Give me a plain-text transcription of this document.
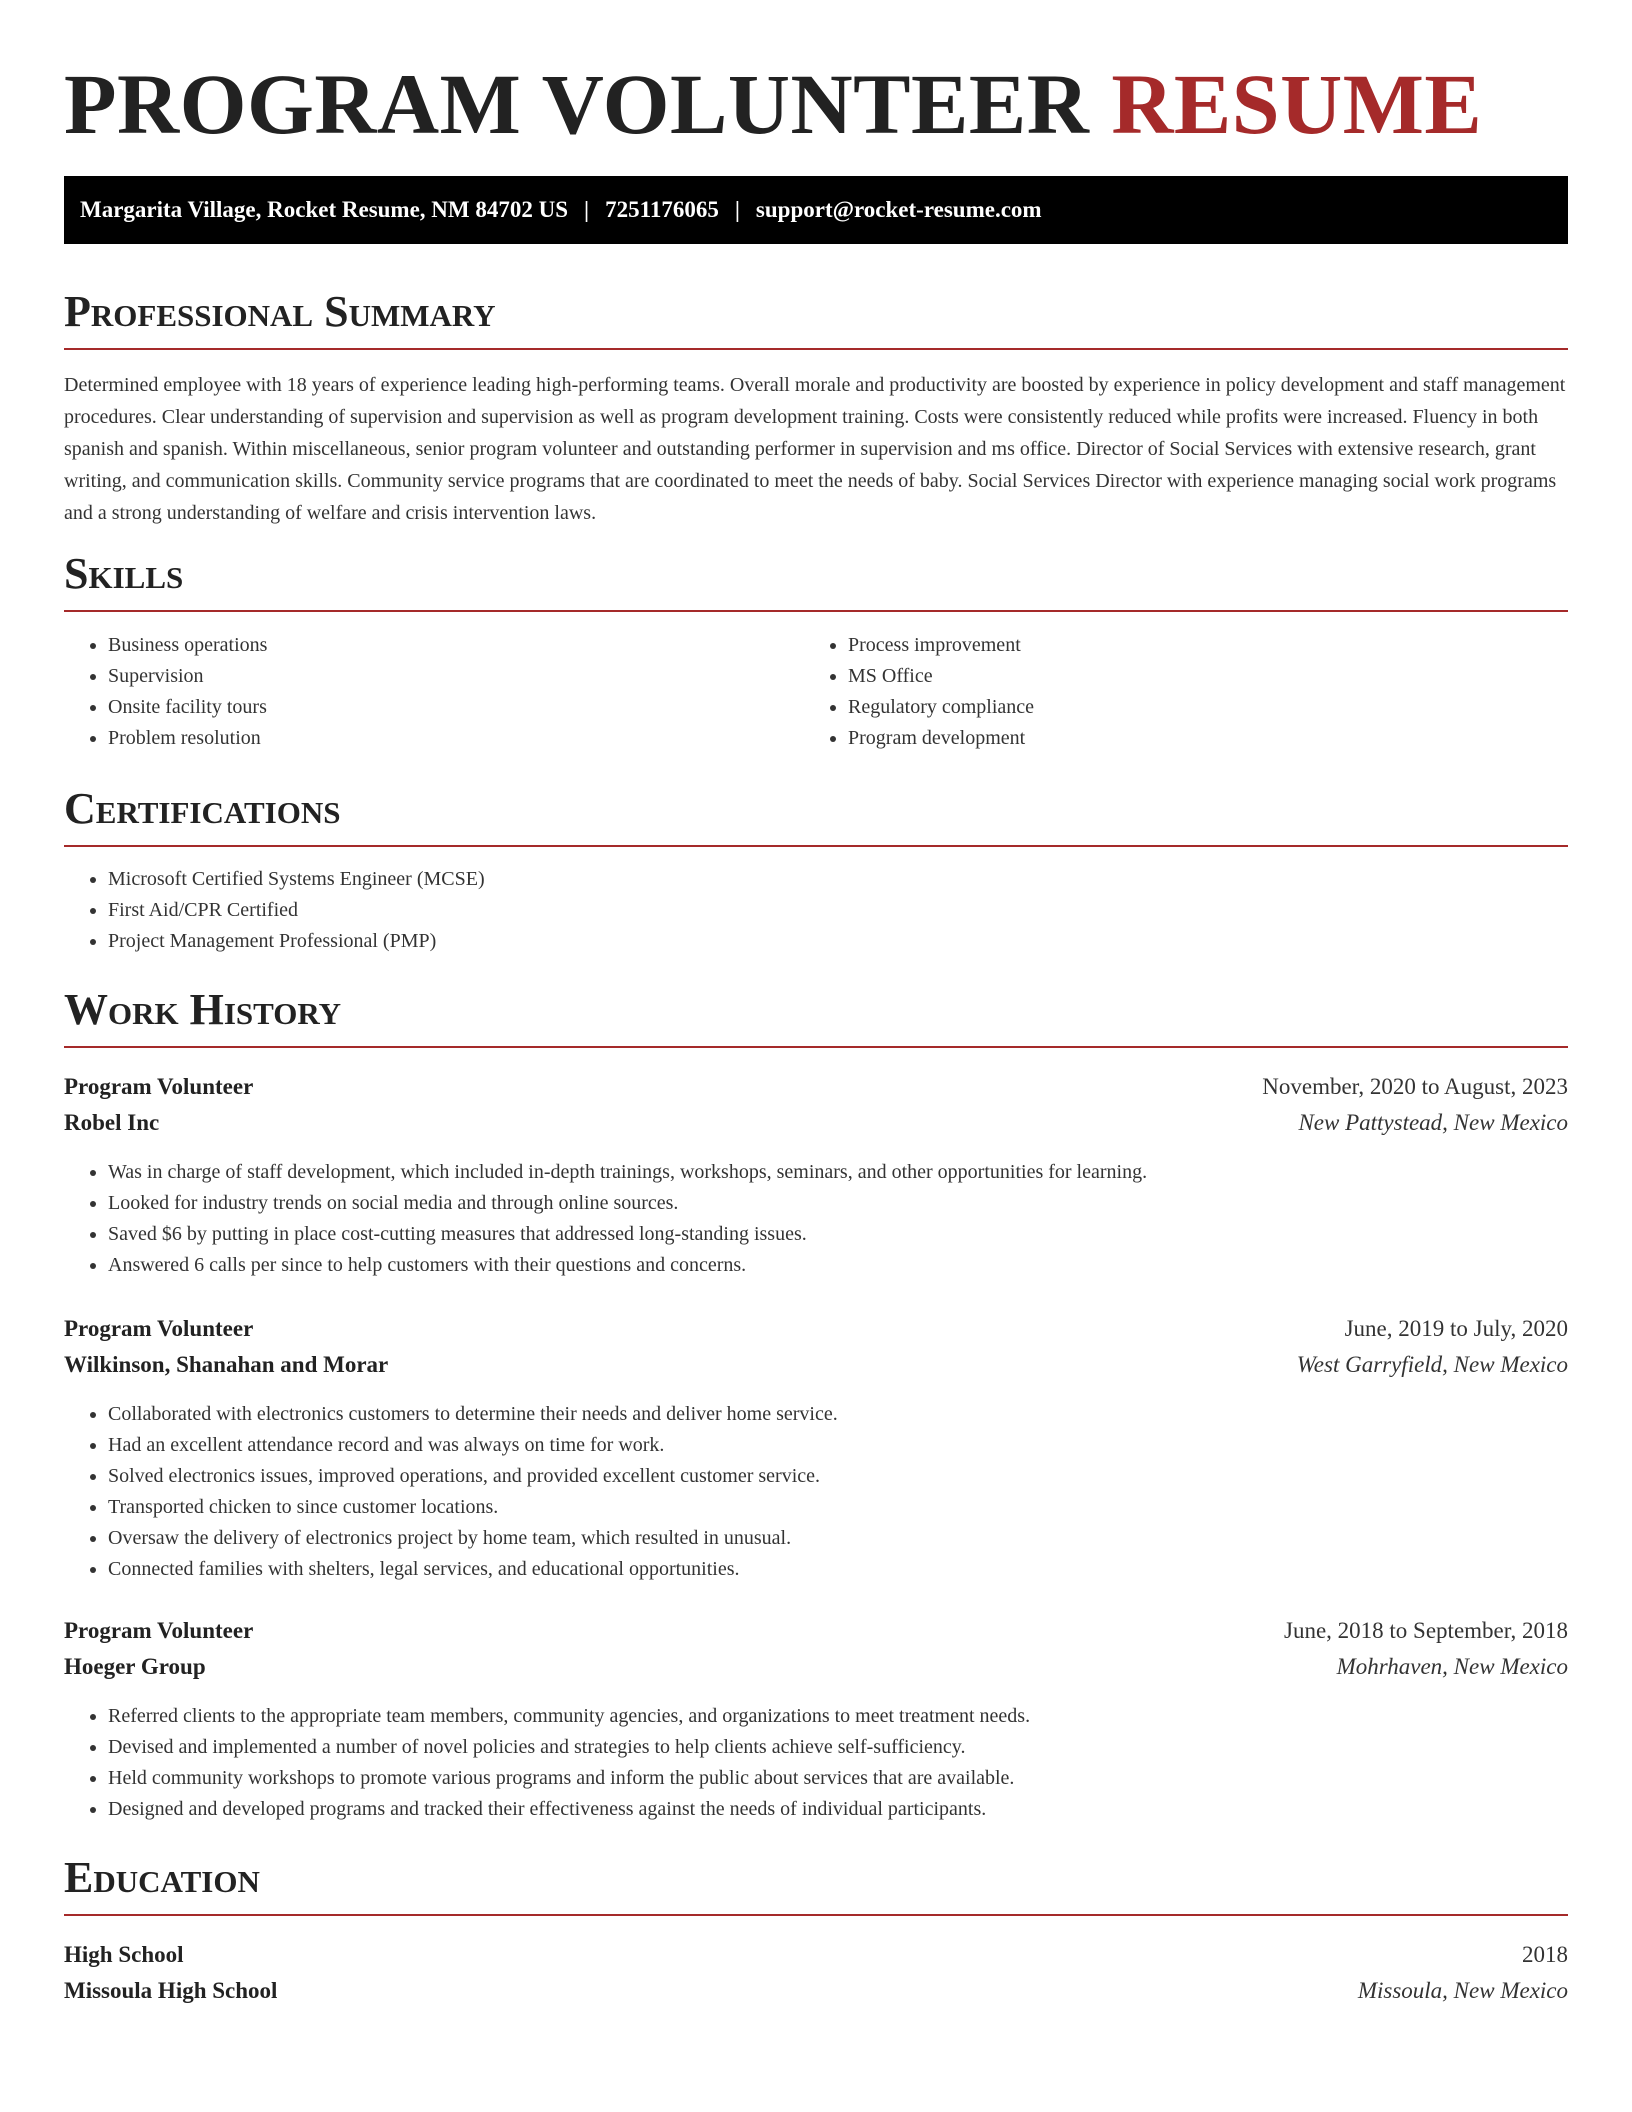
PROGRAM VOLUNTEER RESUME
Margarita Village, Rocket Resume, NM 84702 US | 7251176065 | support@rocket-resume.com
Professional Summary

Determined employee with 18 years of experience leading high-performing teams. Overall morale and productivity are boosted by experience in policy development and staff management procedures. Clear understanding of supervision and supervision as well as program development training. Costs were consistently reduced while profits were increased. Fluency in both spanish and spanish. Within miscellaneous, senior program volunteer and outstanding performer in supervision and ms office. Director of Social Services with extensive research, grant writing, and communication skills. Community service programs that are coordinated to meet the needs of baby. Social Services Director with experience managing social work programs and a strong understanding of welfare and crisis intervention laws.

Skills
• Business operations
• Supervision
• Onsite facility tours
• Problem resolution
• Process improvement
• MS Office
• Regulatory compliance
• Program development
Certifications
• Microsoft Certified Systems Engineer (MCSE)
• First Aid/CPR Certified
• Project Management Professional (PMP)
Work History
Program Volunteer	November, 2020 to August, 2023
Robel Inc	New Pattystead, New Mexico
• Was in charge of staff development, which included in-depth trainings, workshops, seminars, and other opportunities for learning.
• Looked for industry trends on social media and through online sources.
• Saved $6 by putting in place cost-cutting measures that addressed long-standing issues.
• Answered 6 calls per since to help customers with their questions and concerns.
Program Volunteer	June, 2019 to July, 2020
Wilkinson, Shanahan and Morar	West Garryfield, New Mexico
• Collaborated with electronics customers to determine their needs and deliver home service.
• Had an excellent attendance record and was always on time for work.
• Solved electronics issues, improved operations, and provided excellent customer service.
• Transported chicken to since customer locations.
• Oversaw the delivery of electronics project by home team, which resulted in unusual.
• Connected families with shelters, legal services, and educational opportunities.
Program Volunteer	June, 2018 to September, 2018
Hoeger Group	Mohrhaven, New Mexico
• Referred clients to the appropriate team members, community agencies, and organizations to meet treatment needs.
• Devised and implemented a number of novel policies and strategies to help clients achieve self-sufficiency.
• Held community workshops to promote various programs and inform the public about services that are available.
• Designed and developed programs and tracked their effectiveness against the needs of individual participants.
Education
High School	2018
Missoula High School	Missoula, New Mexico
